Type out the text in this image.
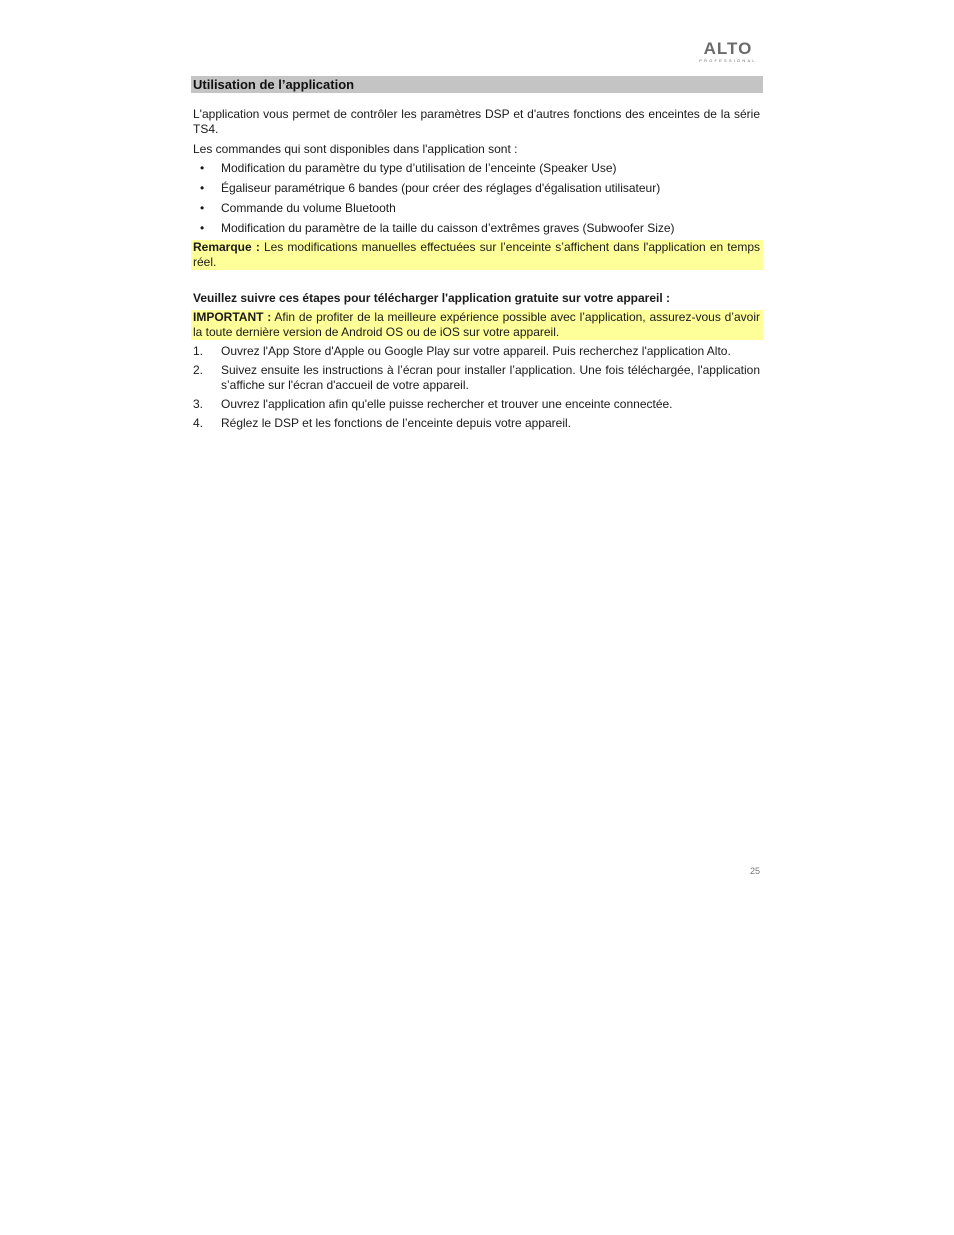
ALTO
PROFESSIONAL
Utilisation de l’application

L'application vous permet de contrôler les paramètres DSP et d'autres fonctions des enceintes de la série TS4.

Les commandes qui sont disponibles dans l'application sont :

• Modification du paramètre du type d’utilisation de l’enceinte (Speaker Use)
• Égaliseur paramétrique 6 bandes (pour créer des réglages d'égalisation utilisateur)
• Commande du volume Bluetooth
• Modification du paramètre de la taille du caisson d’extrêmes graves (Subwoofer Size)

Remarque : Les modifications manuelles effectuées sur l’enceinte s’affichent dans l'application en temps réel.

Veuillez suivre ces étapes pour télécharger l'application gratuite sur votre appareil :

IMPORTANT : Afin de profiter de la meilleure expérience possible avec l’application, assurez-vous d’avoir la toute dernière version de Android OS ou de iOS sur votre appareil.

1. Ouvrez l'App Store d'Apple ou Google Play sur votre appareil. Puis recherchez l'application Alto.

2. Suivez ensuite les instructions à l’écran pour installer l’application. Une fois téléchargée, l'application s’affiche sur l'écran d'accueil de votre appareil.

3. Ouvrez l'application afin qu'elle puisse rechercher et trouver une enceinte connectée.

4. Réglez le DSP et les fonctions de l’enceinte depuis votre appareil.

25
